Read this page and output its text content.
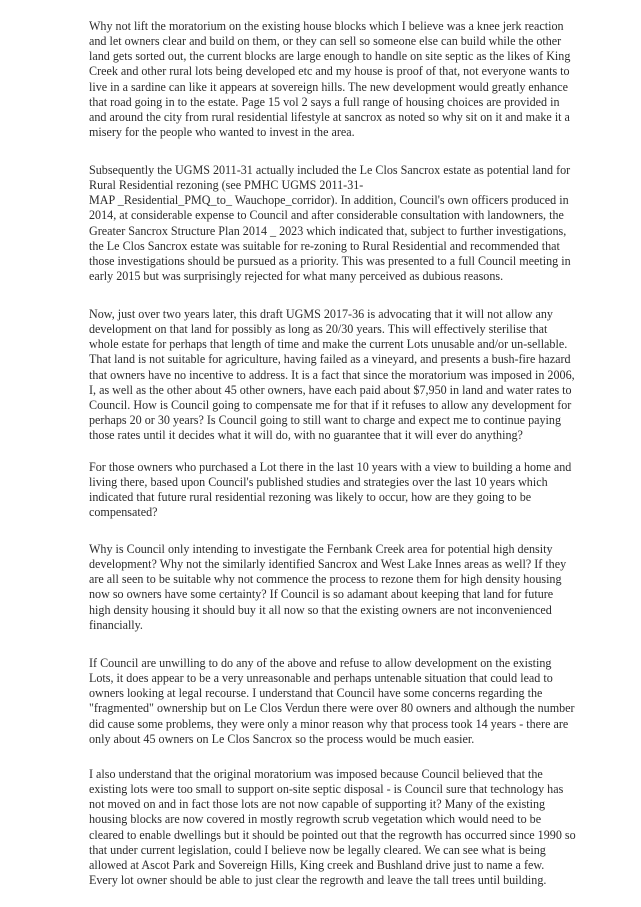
Why not lift the moratorium on the existing house blocks which I believe was a knee jerk reaction
and let owners clear and build on them, or they can sell so someone else can build while the other
land gets sorted out, the current blocks are large enough to handle on site septic as the likes of King
Creek and other rural lots being developed etc and my house is proof of that, not everyone wants to
live in a sardine can like it appears at sovereign hills. The new development would greatly enhance
that road going in to the estate. Page 15 vol 2 says a full range of housing choices are provided in
and around the city from rural residential lifestyle at sancrox as noted so why sit on it and make it a
misery for the people who wanted to invest in the area.

Subsequently the UGMS 2011-31 actually included the Le Clos Sancrox estate as potential land for
Rural Residential rezoning (see PMHC UGMS 2011-31-
MAP _Residential_PMQ_to_ Wauchope_corridor). In addition, Council's own officers produced in
2014, at considerable expense to Council and after considerable consultation with landowners, the
Greater Sancrox Structure Plan 2014 _ 2023 which indicated that, subject to further investigations,
the Le Clos Sancrox estate was suitable for re-zoning to Rural Residential and recommended that
those investigations should be pursued as a priority. This was presented to a full Council meeting in
early 2015 but was surprisingly rejected for what many perceived as dubious reasons.

Now, just over two years later, this draft UGMS 2017-36 is advocating that it will not allow any
development on that land for possibly as long as 20/30 years. This will effectively sterilise that
whole estate for perhaps that length of time and make the current Lots unusable and/or un-sellable.
That land is not suitable for agriculture, having failed as a vineyard, and presents a bush-fire hazard
that owners have no incentive to address. It is a fact that since the moratorium was imposed in 2006,
I, as well as the other about 45 other owners, have each paid about $7,950 in land and water rates to
Council. How is Council going to compensate me for that if it refuses to allow any development for
perhaps 20 or 30 years? Is Council going to still want to charge and expect me to continue paying
those rates until it decides what it will do, with no guarantee that it will ever do anything?

For those owners who purchased a Lot there in the last 10 years with a view to building a home and
living there, based upon Council's published studies and strategies over the last 10 years which
indicated that future rural residential rezoning was likely to occur, how are they going to be
compensated?

Why is Council only intending to investigate the Fernbank Creek area for potential high density
development? Why not the similarly identified Sancrox and West Lake Innes areas as well? If they
are all seen to be suitable why not commence the process to rezone them for high density housing
now so owners have some certainty? If Council is so adamant about keeping that land for future
high density housing it should buy it all now so that the existing owners are not inconvenienced
financially.

If Council are unwilling to do any of the above and refuse to allow development on the existing
Lots, it does appear to be a very unreasonable and perhaps untenable situation that could lead to
owners looking at legal recourse. I understand that Council have some concerns regarding the
"fragmented" ownership but on Le Clos Verdun there were over 80 owners and although the number
did cause some problems, they were only a minor reason why that process took 14 years - there are
only about 45 owners on Le Clos Sancrox so the process would be much easier.

I also understand that the original moratorium was imposed because Council believed that the
existing lots were too small to support on-site septic disposal - is Council sure that technology has
not moved on and in fact those lots are not now capable of supporting it? Many of the existing
housing blocks are now covered in mostly regrowth scrub vegetation which would need to be
cleared to enable dwellings but it should be pointed out that the regrowth has occurred since 1990 so
that under current legislation, could I believe now be legally cleared. We can see what is being
allowed at Ascot Park and Sovereign Hills, King creek and Bushland drive just to name a few.
Every lot owner should be able to just clear the regrowth and leave the tall trees until building.
